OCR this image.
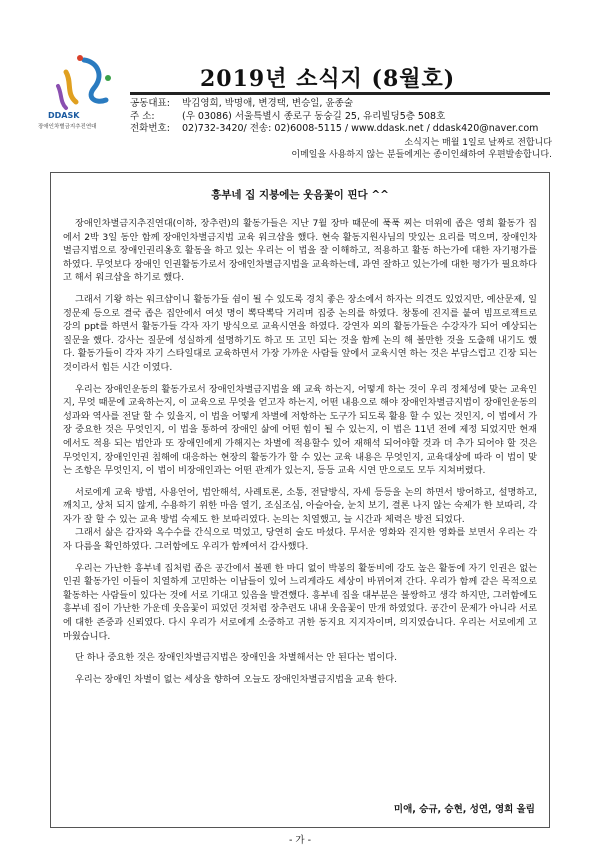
DDASK
장애인차별금지추진연대
2019년 소식지 (8월호)
공동대표: 박김영희, 박명애, 변경택, 변승일, 윤종술
주 소:	(우 03086) 서울특별시 종로구 동숭길 25, 유리빌딩5층 508호
전화번호: 02)732-3420/ 전송: 02)6008-5115 / www.ddask.net / ddask420@naver.com
소식지는 매월 1일로 날짜로 전합니다
이메일을 사용하지 않는 분들에게는 종이인쇄하여 우편발송합니다.
흥부네 집 지붕에는 웃음꽃이 핀다 ^^

장애인차별금지추진연대(이하, 장추련)의 활동가들은 지난 7월 장마 때문에 푹푹 찌는 더위에 좁은 영희 활동가 집에서 2박 3일 동안 함께 장애인차별금지법 교육 워크샵을 했다. 현숙 활동지원사님의 맛있는 요리를 먹으며, 장애인차별금지법으로 장애인권리옹호 활동을 하고 있는 우리는 이 법을 잘 이해하고, 적용하고 활동 하는가에 대한 자기평가를 하였다. 무엇보다 장애인 인권활동가로서 장애인차별금지법을 교육하는데, 과연 잘하고 있는가에 대한 평가가 필요하다고 해서 워크샵을 하기로 했다.

그래서 기왕 하는 워크샵이니 활동가들 쉼이 될 수 있도록 경치 좋은 장소에서 하자는 의견도 있었지만, 예산문제, 일정문제 등으로 결국 좁은 집안에서 여섯 명이 뽁닥뽁닥 거리며 집중 논의를 하였다. 창통에 진지를 붙여 빔프로젝트로 강의 ppt를 하면서 활동가들 각자 자기 방식으로 교육시연을 하였다. 강연자 외의 활동가들은 수강자가 되어 예상되는 질문을 했다. 강사는 질문에 성실하게 설명하기도 하고 또 고민 되는 것을 함께 논의 해 볼만한 것을 도출해 내기도 했다. 활동가들이 각자 자기 스타일대로 교육하면서 가장 가까운 사람들 앞에서 교육시연 하는 것은 부담스럽고 긴장 되는 것이라서 힘든 시간 이였다.

우리는 장애인운동의 활동가로서 장애인차별금지법을 왜 교육 하는지, 어떻게 하는 것이 우리 정체성에 맞는 교육인지, 무엇 때문에 교육하는지, 이 교육으로 무엇을 얻고자 하는지, 어떤 내용으로 해야 장애인차별금지법이 장애인운동의 성과와 역사를 전달 할 수 있을지, 이 법을 어떻게 차별에 저항하는 도구가 되도록 활용 할 수 있는 것인지, 이 법에서 가장 중요한 것은 무엇인지, 이 법을 통하여 장애인 삶에 어떤 힘이 될 수 있는지, 이 법은 11년 전에 제정 되었지만 현재에서도 적용 되는 법안과 또 장애인에게 가해지는 차별에 적용할수 있어 재해석 되어야할 것과 더 추가 되어야 할 것은 무엇인지, 장애인인권 침해에 대응하는 현장의 활동가가 할 수 있는 교육 내용은 무엇인지, 교육대상에 따라 이 법이 맞는 조항은 무엇인지, 이 법이 비장애인과는 어떤 관계가 있는지, 등등 교육 시연 만으로도 모두 지쳐버렸다.

서로에게 교육 방법, 사용언어, 법안해석, 사례토론, 소통, 전달방식, 자세 등등을 논의 하면서 방어하고, 설명하고, 깨치고, 상처 되지 않게, 수용하기 위한 마음 열기, 조심조심, 아슬아슬, 눈치 보기, 결론 나지 않는 숙제가 한 보따리, 각자가 잘 할 수 있는 교육 방법 숙제도 한 보따리였다. 논의는 치열했고, 늘 시간과 체력은 방전 되었다.

그래서 삶은 감자와 옥수수를 간식으로 먹었고, 당연히 술도 마셨다. 무서운 영화와 진지한 영화를 보면서 우리는 각자 다름을 확인하였다. 그러함에도 우리가 함께여서 감사했다.

우리는 가난한 흥부네 집처럼 좁은 공간에서 볼펜 한 마디 없이 박봉의 활동비에 강도 높은 활동에 자기 인권은 없는 인권 활동가인 이들이 치열하게 고민하는 이남들이 있어 느리게라도 세상이 바뀌어져 간다. 우리가 함께 같은 목적으로 활동하는 사람들이 있다는 것에 서로 기대고 있음을 발견했다. 흥부네 집을 대부분은 불쌍하고 생각 하지만, 그러함에도 흥부네 집이 가난한 가운데 웃음꽃이 피었던 것처럼 장추련도 내내 웃음꽃이 만개 하였었다. 공간이 문제가 아니라 서로에 대한 존중과 신뢰였다. 다시 우리가 서로에게 소중하고 귀한 동지요 지지자이며, 의지였습니다. 우리는 서로에게 고마웠습니다.

단 하나 중요한 것은 장애인차별금지법은 장애인을 차별해서는 안 된다는 법이다.

우리는 장애인 차별이 없는 세상을 향하여 오늘도 장애인차별금지법을 교육 한다.

미애, 승규, 승현, 성연, 영희 올림
- 가 -
